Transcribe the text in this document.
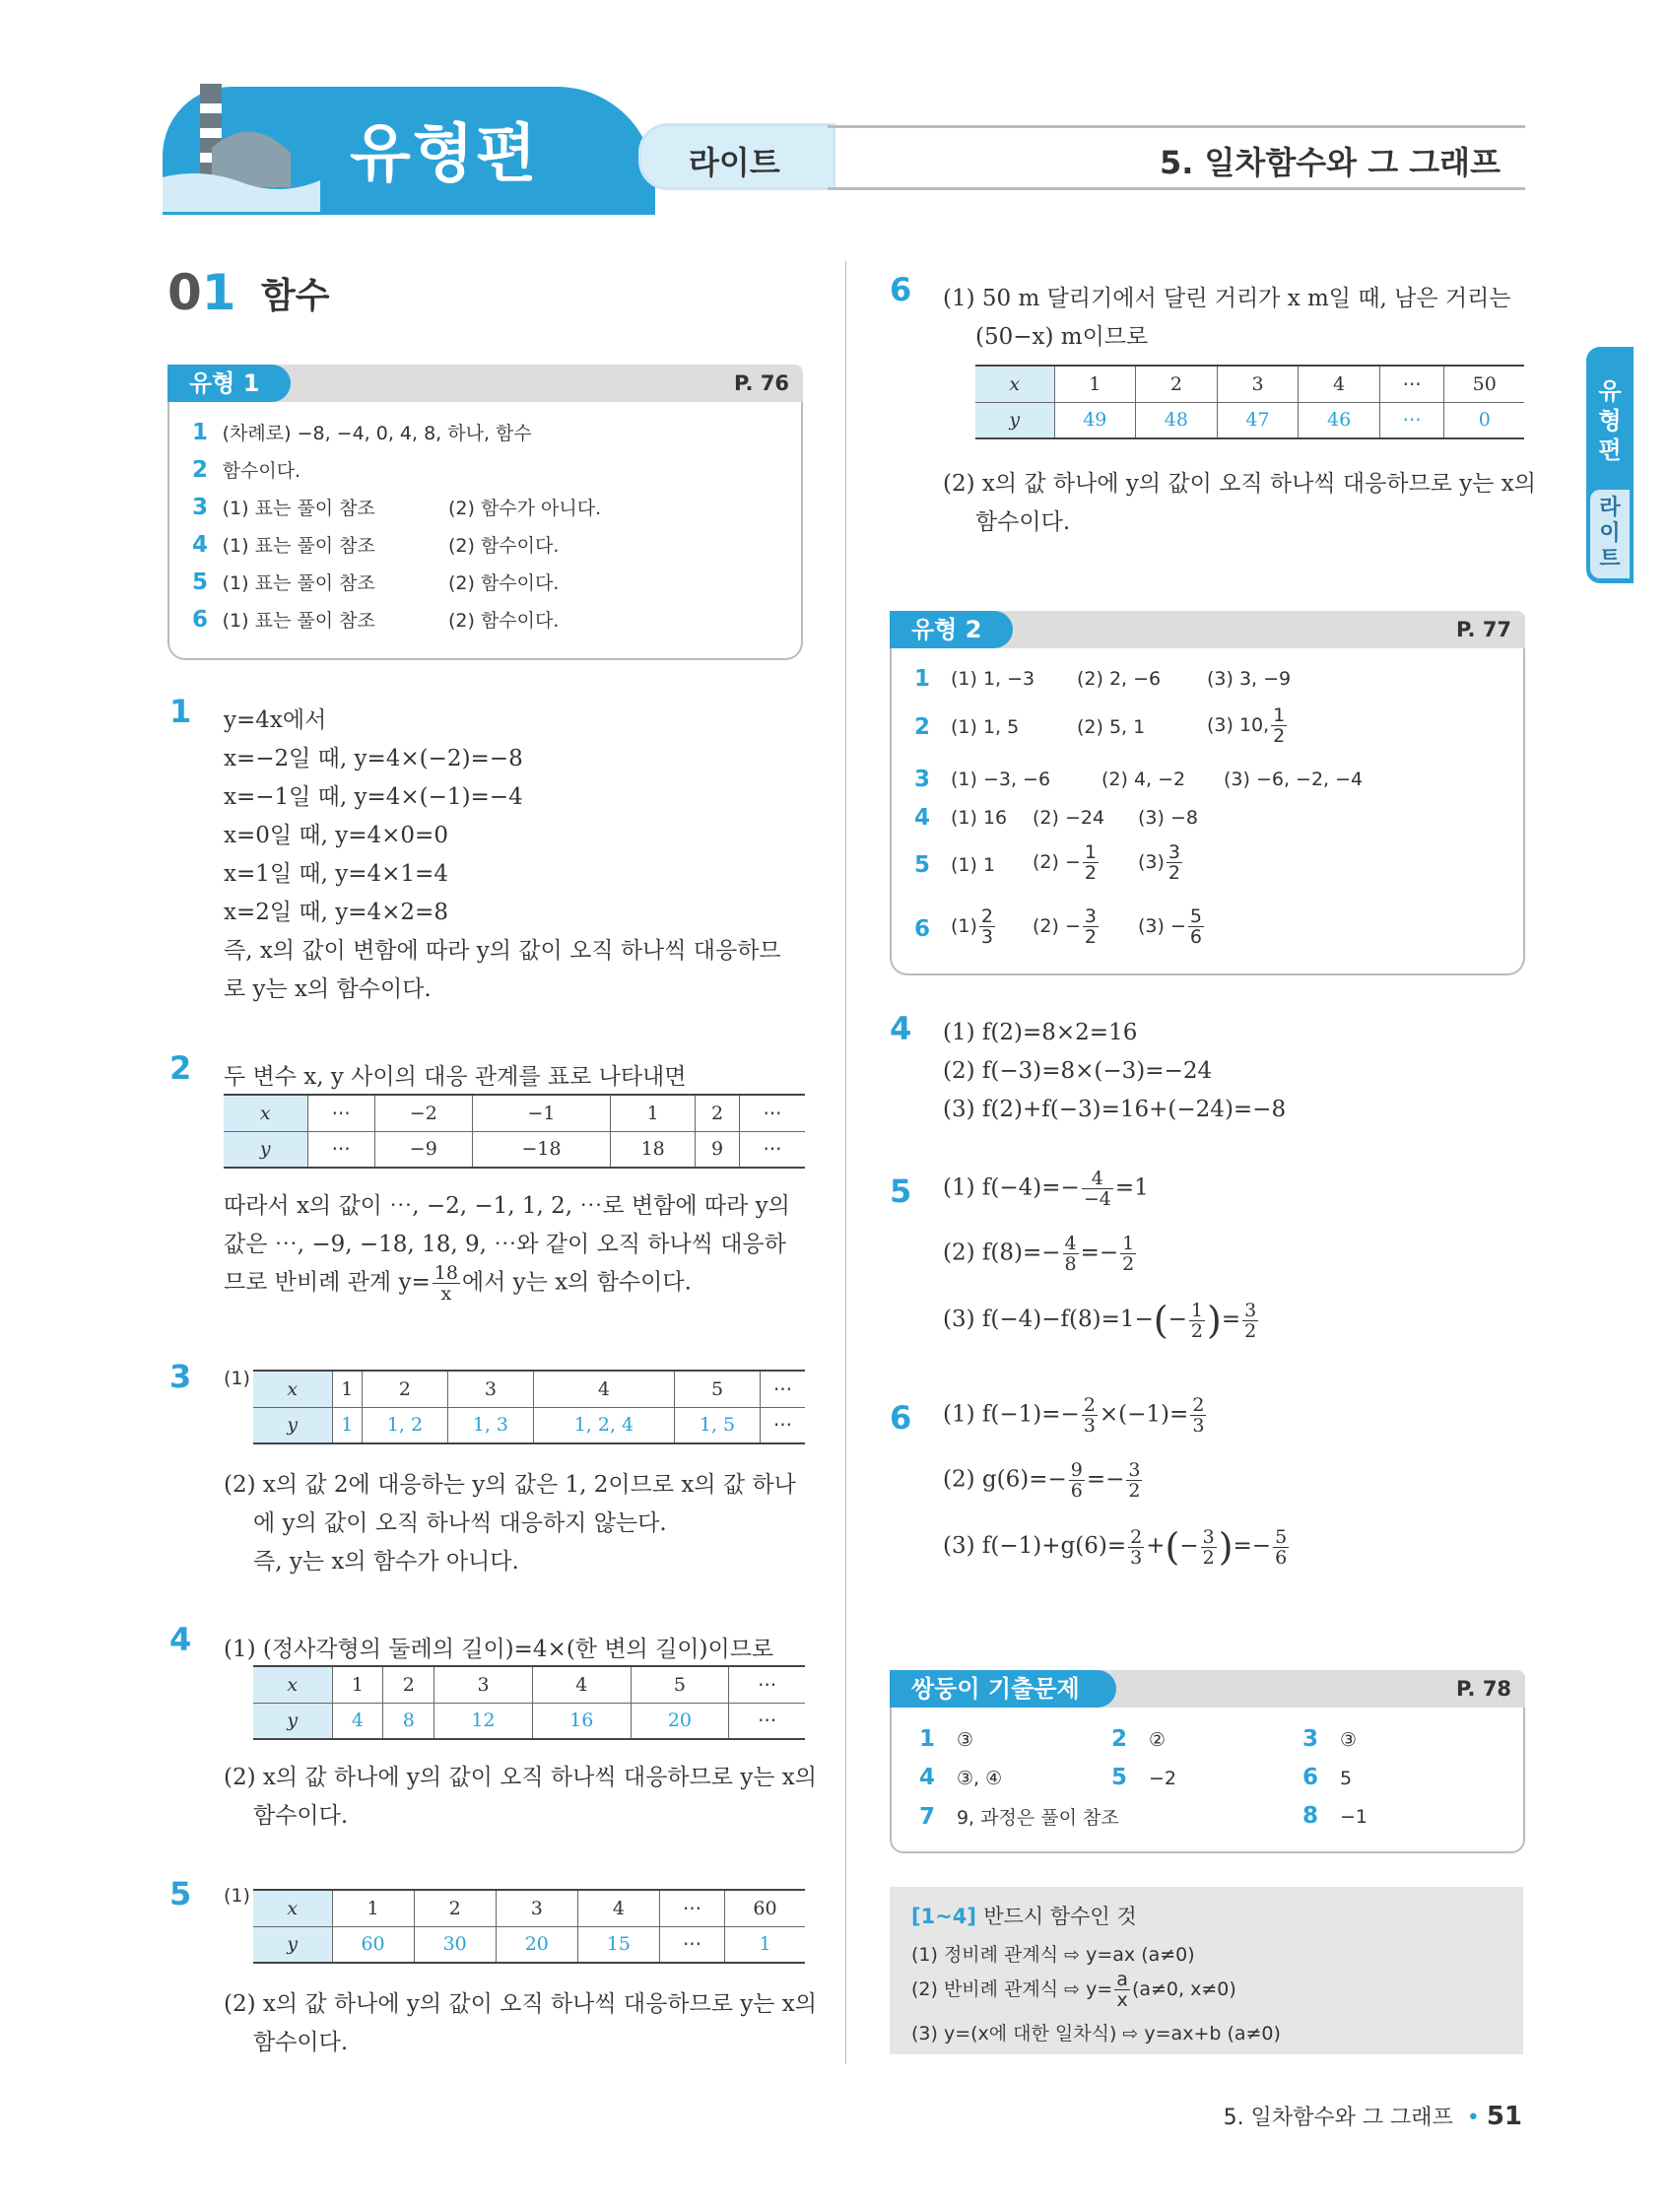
유형편	라이트	5. 일차함수와 그 그래프
유형편
라이트
01 함수
유형 1	P. 76
1 (차례로) −8, −4, 0, 4, 8, 하나, 함수
2 함수이다.
3 (1) 표는 풀이 참조	(2) 함수가 아니다.
4 (1) 표는 풀이 참조	(2) 함수이다.
5 (1) 표는 풀이 참조	(2) 함수이다.
6 (1) 표는 풀이 참조	(2) 함수이다.
1 y=4x에서
x=−2일 때, y=4×(−2)=−8
x=−1일 때, y=4×(−1)=−4
x=0일 때, y=4×0=0
x=1일 때, y=4×1=4
x=2일 때, y=4×2=8
즉, x의 값이 변함에 따라 y의 값이 오직 하나씩 대응하므
로 y는 x의 함수이다.
2 두 변수 x, y 사이의 대응 관계를 표로 나타내면
x	⋯	−2	−1	1	2	⋯
y	⋯	−9	−18	18	9	⋯
따라서 x의 값이 ⋯, −2, −1, 1, 2, ⋯로 변함에 따라 y의
값은 ⋯, −9, −18, 18, 9, ⋯와 같이 오직 하나씩 대응하
므로 반비례 관계 $y= \frac{18}{x}$ 에서 y는 x의 함수이다.
3 (1) x	1	2	3	4	5	⋯
y	1	1, 2	1, 3	1, 2, 4	1, 5	⋯
(2) x의 값 2에 대응하는 y의 값은 1, 2이므로 x의 값 하나
에 y의 값이 오직 하나씩 대응하지 않는다.
즉, y는 x의 함수가 아니다.
4 (1) (정사각형의 둘레의 길이)=4×(한 변의 길이)이므로
x	1	2	3	4	5	⋯
y	4	8	12	16	20	⋯
(2) x의 값 하나에 y의 값이 오직 하나씩 대응하므로 y는 x의
함수이다.
5 (1)
x	1	2	3	4	⋯	60
y	60	30	20	15	⋯	1
(2) x의 값 하나에 y의 값이 오직 하나씩 대응하므로 y는 x의
함수이다.
6 (1) 50 m 달리기에서 달린 거리가 x m일 때, 남은 거리는
(50−x) m이므로
x	1	2	3	4	⋯	50
y	49	48	47	46	⋯	0
(2) x의 값 하나에 y의 값이 오직 하나씩 대응하므로 y는 x의
함수이다.
유형 2	P. 77
1 (1) 1, −3 (2) 2, −6 (3) 3, −9
2 (1) 1, 5	(2) 5, 1	(3) 10, $\frac{1}{2}$
3 (1) −3, −6	(2) 4, −2 (3) −6, −2, −4
4 (1) 16 (2) −24 (3) −8
5 (1) 1 $(2) - \frac{1}{2} (3) \frac{3}{2}$
6 $(1) \frac{2}{3} (2) - \frac{3}{2} (3) - \frac{5}{6}$
4 (1) f(2)=8×2=16
(2) f(−3)=8×(−3)=−24
(3) f(2)+f(−3)=16+(−24)=−8
5 (1) $f(-4)=- \frac{4}{-4} =1$
(2) $f(8)=- \frac{4}{8} =- \frac{1}{2}$
(3) $f(-4)-f(8)=1-(- \frac{1}{2}$ )= $\frac{3}{2}$
6 (1) $f(-1)=- \frac{2}{3} \times(-1)= \frac{2}{3}$
(2) $g(6)=- \frac{9}{6} =- \frac{3}{2}$
(3) $f(-1)+g(6)= \frac{2}{3}$ +(− $\frac{3}{2}$ )=− $\frac{5}{6}$
쌍둥이 기출문제	P. 78
1 ③	2 ②	3 ③
4 ③, ④	5 −2	6 5
7 9, 과정은 풀이 참조	8 −1
[1~4] 반드시 함수인 것
(1) 정비례 관계식 ⇨ y=ax (a≠0)
(2) 반비례 관계식 ⇨ $y= \frac{a}{x} (a\ne 0$, x≠0)
(3) y=(x에 대한 일차식) ⇨ y=ax+b (a≠0)
5. 일차함수와 그 그래프 • 51
